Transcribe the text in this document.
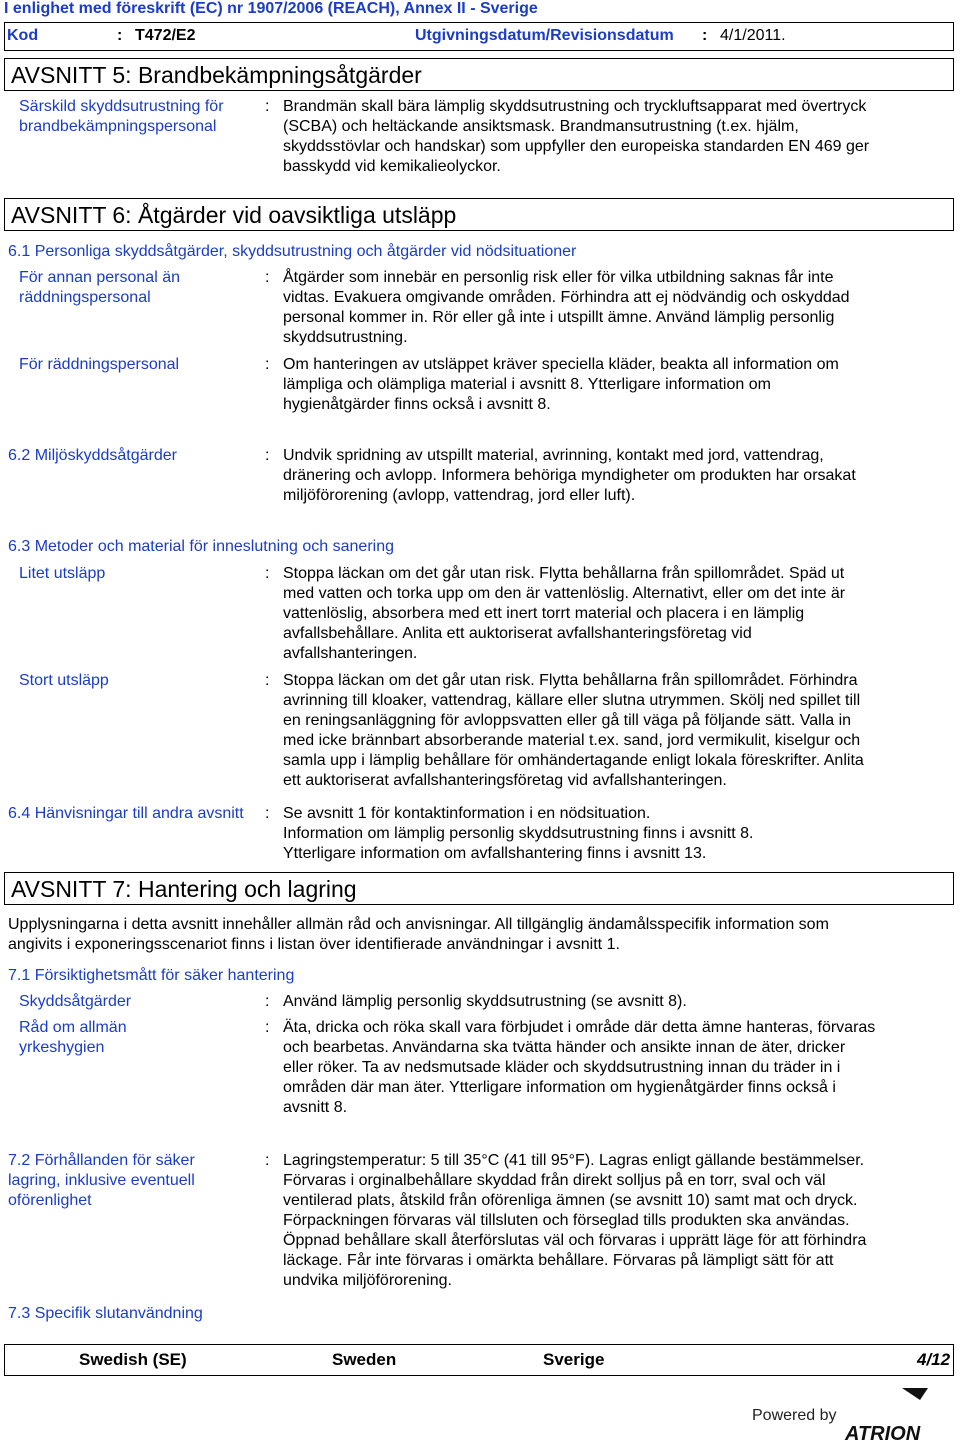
I enlighet med föreskrift (EC) nr 1907/2006 (REACH), Annex II - Sverige
Kod	: T472/E2	Utgivningsdatum/Revisionsdatum : 4/1/2011.
AVSNITT 5: Brandbekämpningsåtgärder
Särskild skyddsutrustning för brandbekämpningspersonal
: Brandmän skall bära lämplig skyddsutrustning och tryckluftsapparat med övertryck
(SCBA) och heltäckande ansiktsmask. Brandmansutrustning (t.ex. hjälm,
skyddsstövlar och handskar) som uppfyller den europeiska standarden EN 469 ger
basskydd vid kemikalieolyckor.
AVSNITT 6: Åtgärder vid oavsiktliga utsläpp
6.1 Personliga skyddsåtgärder, skyddsutrustning och åtgärder vid nödsituationer
För annan personal än räddningspersonal
: Åtgärder som innebär en personlig risk eller för vilka utbildning saknas får inte
vidtas. Evakuera omgivande områden. Förhindra att ej nödvändig och oskyddad
personal kommer in. Rör eller gå inte i utspillt ämne. Använd lämplig personlig
skyddsutrustning.
För räddningspersonal	: Om hanteringen av utsläppet kräver speciella kläder, beakta all information om
lämpliga och olämpliga material i avsnitt 8. Ytterligare information om
hygienåtgärder finns också i avsnitt 8.
6.2 Miljöskyddsåtgärder	: Undvik spridning av utspillt material, avrinning, kontakt med jord, vattendrag,
dränering och avlopp. Informera behöriga myndigheter om produkten har orsakat
miljöförorening (avlopp, vattendrag, jord eller luft).
6.3 Metoder och material för inneslutning och sanering
Litet utsläpp	: Stoppa läckan om det går utan risk. Flytta behållarna från spillområdet. Späd ut
med vatten och torka upp om den är vattenlöslig. Alternativt, eller om det inte är
vattenlöslig, absorbera med ett inert torrt material och placera i en lämplig
avfallsbehållare. Anlita ett auktoriserat avfallshanteringsföretag vid
avfallshanteringen.
Stort utsläpp	: Stoppa läckan om det går utan risk. Flytta behållarna från spillområdet. Förhindra
avrinning till kloaker, vattendrag, källare eller slutna utrymmen. Skölj ned spillet till
en reningsanläggning för avloppsvatten eller gå till väga på följande sätt. Valla in
med icke brännbart absorberande material t.ex. sand, jord vermikulit, kiselgur och
samla upp i lämplig behållare för omhändertagande enligt lokala föreskrifter. Anlita
ett auktoriserat avfallshanteringsföretag vid avfallshanteringen.
6.4 Hänvisningar till andra avsnitt : Se avsnitt 1 för kontaktinformation i en nödsituation.
Information om lämplig personlig skyddsutrustning finns i avsnitt 8.
Ytterligare information om avfallshantering finns i avsnitt 13.
AVSNITT 7: Hantering och lagring
Upplysningarna i detta avsnitt innehåller allmän råd och anvisningar. All tillgänglig ändamålsspecifik information som
angivits i exponeringsscenariot finns i listan över identifierade användningar i avsnitt 1.
7.1 Försiktighetsmått för säker hantering
Skyddsåtgärder	: Använd lämplig personlig skyddsutrustning (se avsnitt 8).
Råd om allmän yrkeshygien
: Äta, dricka och röka skall vara förbjudet i område där detta ämne hanteras, förvaras
och bearbetas. Användarna ska tvätta händer och ansikte innan de äter, dricker
eller röker. Ta av nedsmutsade kläder och skyddsutrustning innan du träder in i
områden där man äter. Ytterligare information om hygienåtgärder finns också i
avsnitt 8.
7.2 Förhållanden för säker lagring, inklusive eventuell oförenlighet
: Lagringstemperatur: 5 till 35°C (41 till 95°F). Lagras enligt gällande bestämmelser.
Förvaras i orginalbehållare skyddad från direkt solljus på en torr, sval och väl
ventilerad plats, åtskild från oförenliga ämnen (se avsnitt 10) samt mat och dryck.
Förpackningen förvaras väl tillsluten och förseglad tills produkten ska användas.
Öppnad behållare skall återförslutas väl och förvaras i upprätt läge för att förhindra
läckage. Får inte förvaras i omärkta behållare. Förvaras på lämpligt sätt för att
undvika miljöförorening.
7.3 Specifik slutanvändning
Swedish (SE)	Sweden	Sverige	4/12
Powered by
ATRION
